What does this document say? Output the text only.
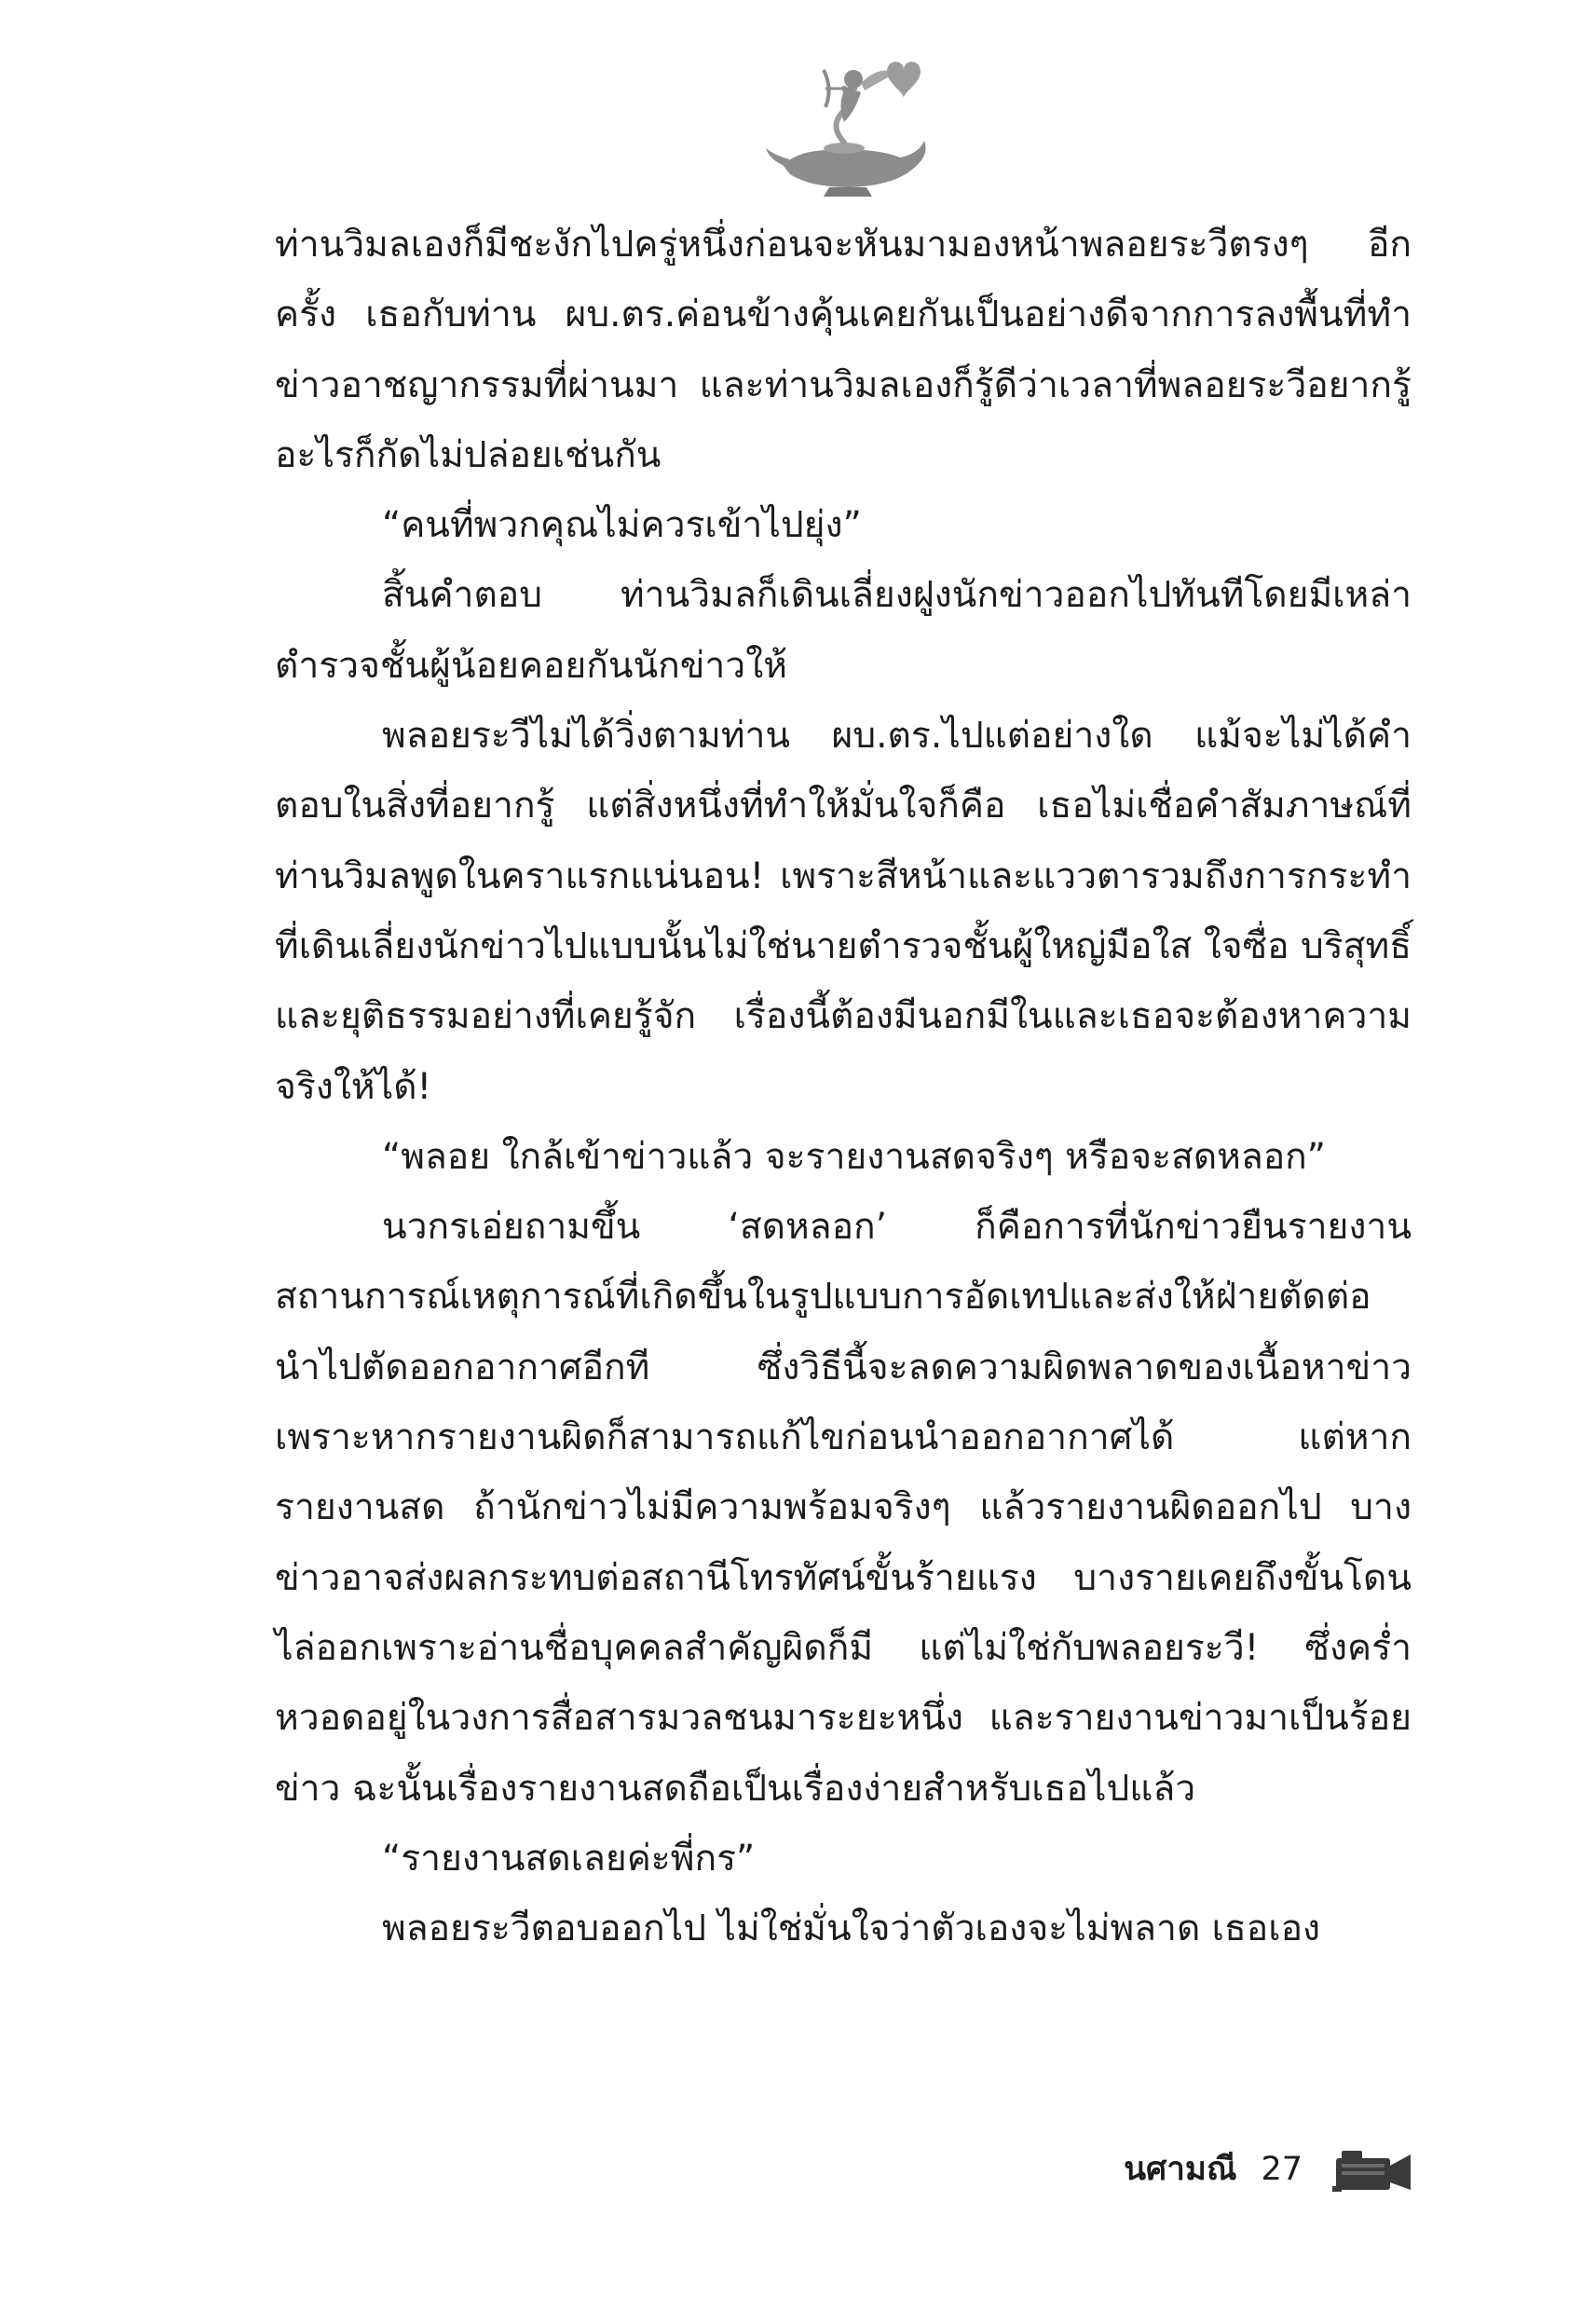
ท่านวิมลเองก็มีชะงักไปครู่หนึ่งก่อนจะหันมามองหน้าพลอยระวีตรงๆ อีกครั้ง เธอกับท่าน ผบ.ตร.ค่อนข้างคุ้นเคยกันเป็นอย่างดีจากการลงพื้นที่ทำข่าวอาชญากรรมที่ผ่านมา และท่านวิมลเองก็รู้ดีว่าเวลาที่พลอยระวีอยากรู้อะไรก็กัดไม่ปล่อยเช่นกัน

“คนที่พวกคุณไม่ควรเข้าไปยุ่ง”

สิ้นคำตอบ ท่านวิมลก็เดินเลี่ยงฝูงนักข่าวออกไปทันทีโดยมีเหล่าตำรวจชั้นผู้น้อยคอยกันนักข่าวให้

พลอยระวีไม่ได้วิ่งตามท่าน ผบ.ตร.ไปแต่อย่างใด แม้จะไม่ได้คำตอบในสิ่งที่อยากรู้ แต่สิ่งหนึ่งที่ทำให้มั่นใจก็คือ เธอไม่เชื่อคำสัมภาษณ์ที่ท่านวิมลพูดในคราแรกแน่นอน! เพราะสีหน้าและแววตารวมถึงการกระทำที่เดินเลี่ยงนักข่าวไปแบบนั้นไม่ใช่นายตำรวจชั้นผู้ใหญ่มือใส ใจซื่อ บริสุทธิ์และยุติธรรมอย่างที่เคยรู้จัก เรื่องนี้ต้องมีนอกมีในและเธอจะต้องหาความจริงให้ได้!

“พลอย ใกล้เข้าข่าวแล้ว จะรายงานสดจริงๆ หรือจะสดหลอก”

นวกรเอ่ยถามขึ้น ‘สดหลอก’ ก็คือการที่นักข่าวยืนรายงานสถานการณ์เหตุการณ์ที่เกิดขึ้นในรูปแบบการอัดเทปและส่งให้ฝ่ายตัดต่อนำไปตัดออกอากาศอีกที ซึ่งวิธีนี้จะลดความผิดพลาดของเนื้อหาข่าว เพราะหากรายงานผิดก็สามารถแก้ไขก่อนนำออกอากาศได้ แต่หากรายงานสด ถ้านักข่าวไม่มีความพร้อมจริงๆ แล้วรายงานผิดออกไป บางข่าวอาจส่งผลกระทบต่อสถานีโทรทัศน์ขั้นร้ายแรง บางรายเคยถึงขั้นโดนไล่ออกเพราะอ่านชื่อบุคคลสำคัญผิดก็มี แต่ไม่ใช่กับพลอยระวี! ซึ่งคร่ำหวอดอยู่ในวงการสื่อสารมวลชนมาระยะหนึ่ง และรายงานข่าวมาเป็นร้อยข่าว ฉะนั้นเรื่องรายงานสดถือเป็นเรื่องง่ายสำหรับเธอไปแล้ว

“รายงานสดเลยค่ะพี่กร”

พลอยระวีตอบออกไป ไม่ใช่มั่นใจว่าตัวเองจะไม่พลาด เธอเอง

นศามณี 27
